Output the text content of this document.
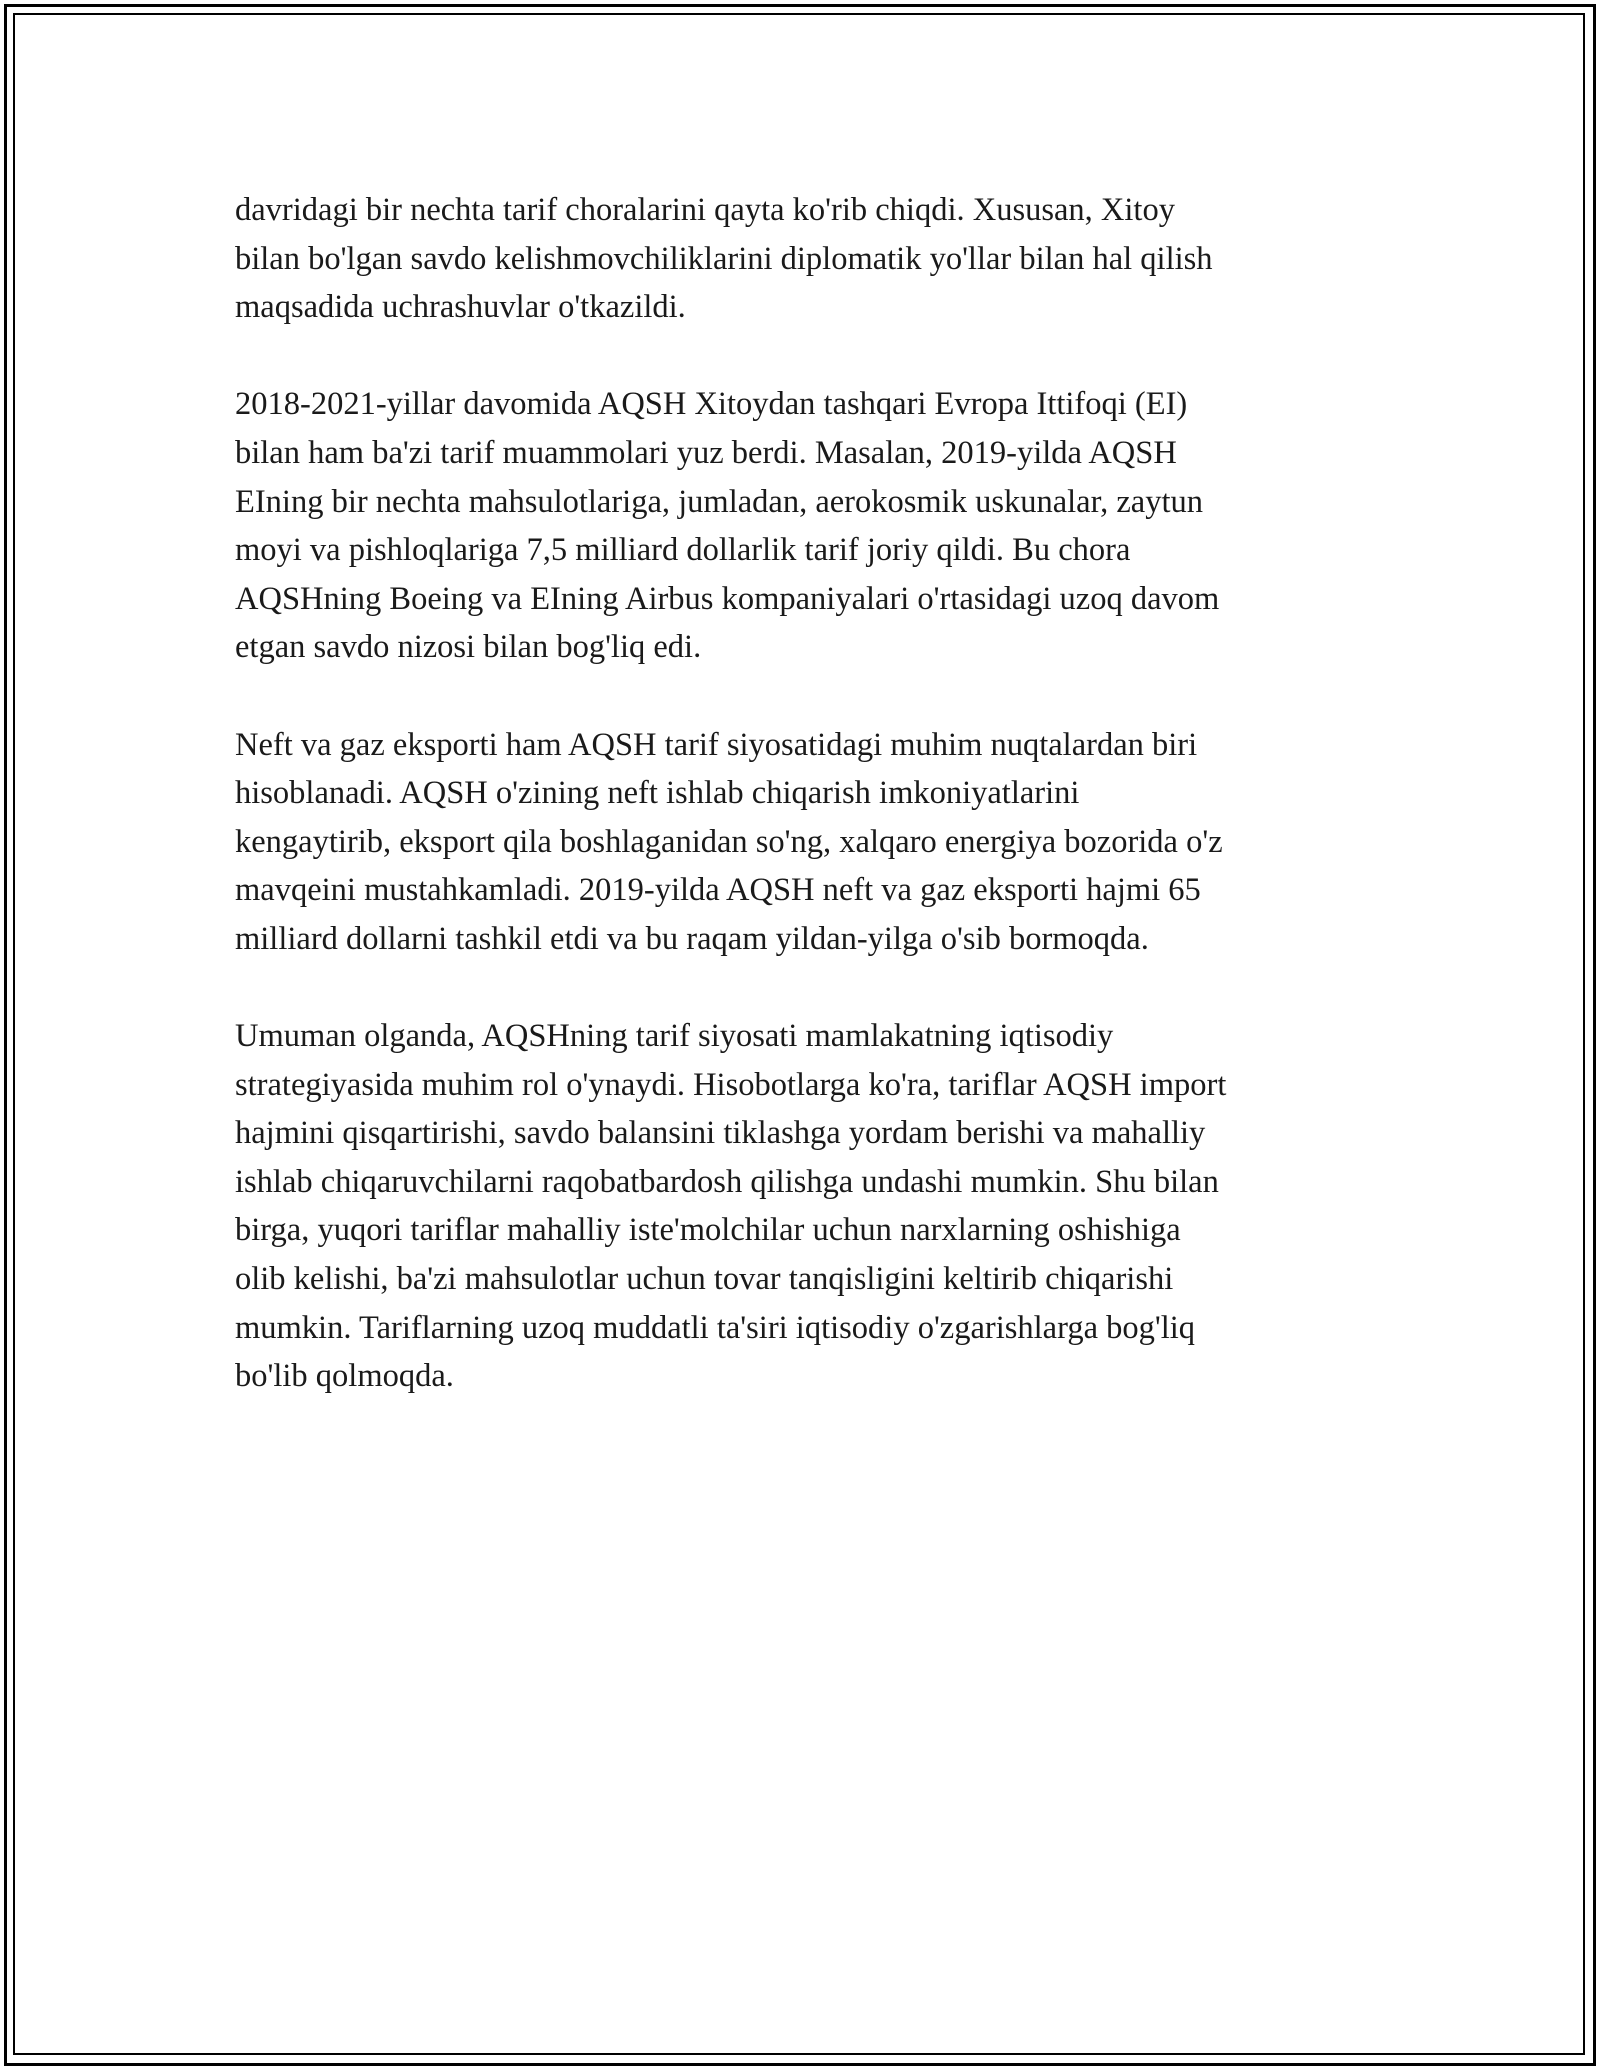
davridagi bir nechta tarif choralarini qayta ko'rib chiqdi. Xususan, Xitoy
bilan bo'lgan savdo kelishmovchiliklarini diplomatik yo'llar bilan hal qilish
maqsadida uchrashuvlar o'tkazildi.

2018-2021-yillar davomida AQSH Xitoydan tashqari Evropa Ittifoqi (EI)
bilan ham ba'zi tarif muammolari yuz berdi. Masalan, 2019-yilda AQSH
EIning bir nechta mahsulotlariga, jumladan, aerokosmik uskunalar, zaytun
moyi va pishloqlariga 7,5 milliard dollarlik tarif joriy qildi. Bu chora
AQSHning Boeing va EIning Airbus kompaniyalari o'rtasidagi uzoq davom
etgan savdo nizosi bilan bog'liq edi.

Neft va gaz eksporti ham AQSH tarif siyosatidagi muhim nuqtalardan biri
hisoblanadi. AQSH o'zining neft ishlab chiqarish imkoniyatlarini
kengaytirib, eksport qila boshlaganidan so'ng, xalqaro energiya bozorida o'z
mavqeini mustahkamladi. 2019-yilda AQSH neft va gaz eksporti hajmi 65
milliard dollarni tashkil etdi va bu raqam yildan-yilga o'sib bormoqda.

Umuman olganda, AQSHning tarif siyosati mamlakatning iqtisodiy
strategiyasida muhim rol o'ynaydi. Hisobotlarga ko'ra, tariflar AQSH import
hajmini qisqartirishi, savdo balansini tiklashga yordam berishi va mahalliy
ishlab chiqaruvchilarni raqobatbardosh qilishga undashi mumkin. Shu bilan
birga, yuqori tariflar mahalliy iste'molchilar uchun narxlarning oshishiga
olib kelishi, ba'zi mahsulotlar uchun tovar tanqisligini keltirib chiqarishi
mumkin. Tariflarning uzoq muddatli ta'siri iqtisodiy o'zgarishlarga bog'liq
bo'lib qolmoqda.
